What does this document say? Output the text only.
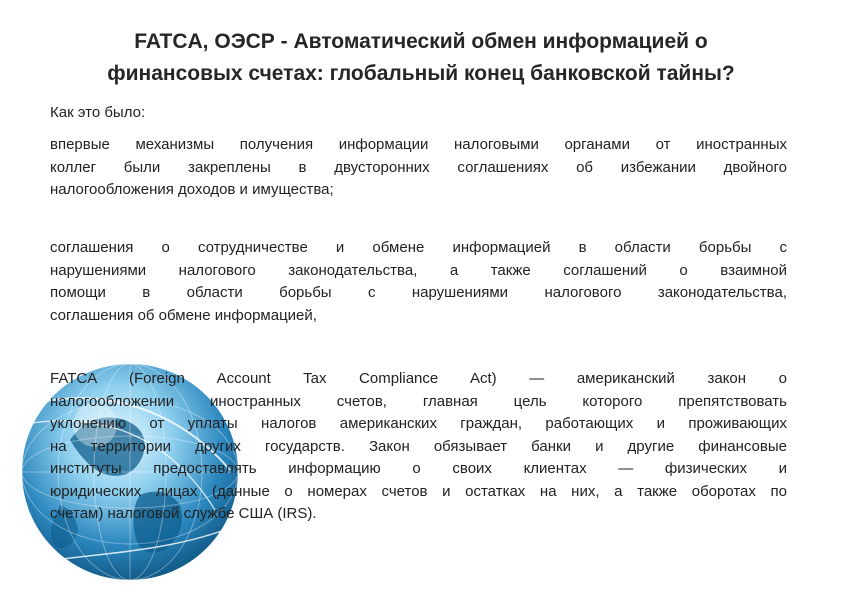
FATCA, ОЭСР - Автоматический обмен информацией о
финансовых счетах: глобальный конец банковской тайны?
Как это было:
впервые механизмы получения информации налоговыми органами от иностранных
коллег были закреплены в двусторонних соглашениях об избежании двойного
налогообложения доходов и имущества;
соглашения о сотрудничестве и обмене информацией в области борьбы с
нарушениями налогового законодательства, а также соглашений о взаимной
помощи в области борьбы с нарушениями налогового законодательства,
соглашения об обмене информацией,
FATCA (Foreign Account Tax Compliance Act) — американский закон о
налогообложении иностранных счетов, главная цель которого препятствовать
уклонению от уплаты налогов американских граждан, работающих и проживающих
на территории других государств. Закон обязывает банки и другие финансовые
институты предоставлять информацию о своих клиентах — физических и
юридических лицах (данные о номерах счетов и остатках на них, а также оборотах по
счетам) налоговой службе США (IRS).
